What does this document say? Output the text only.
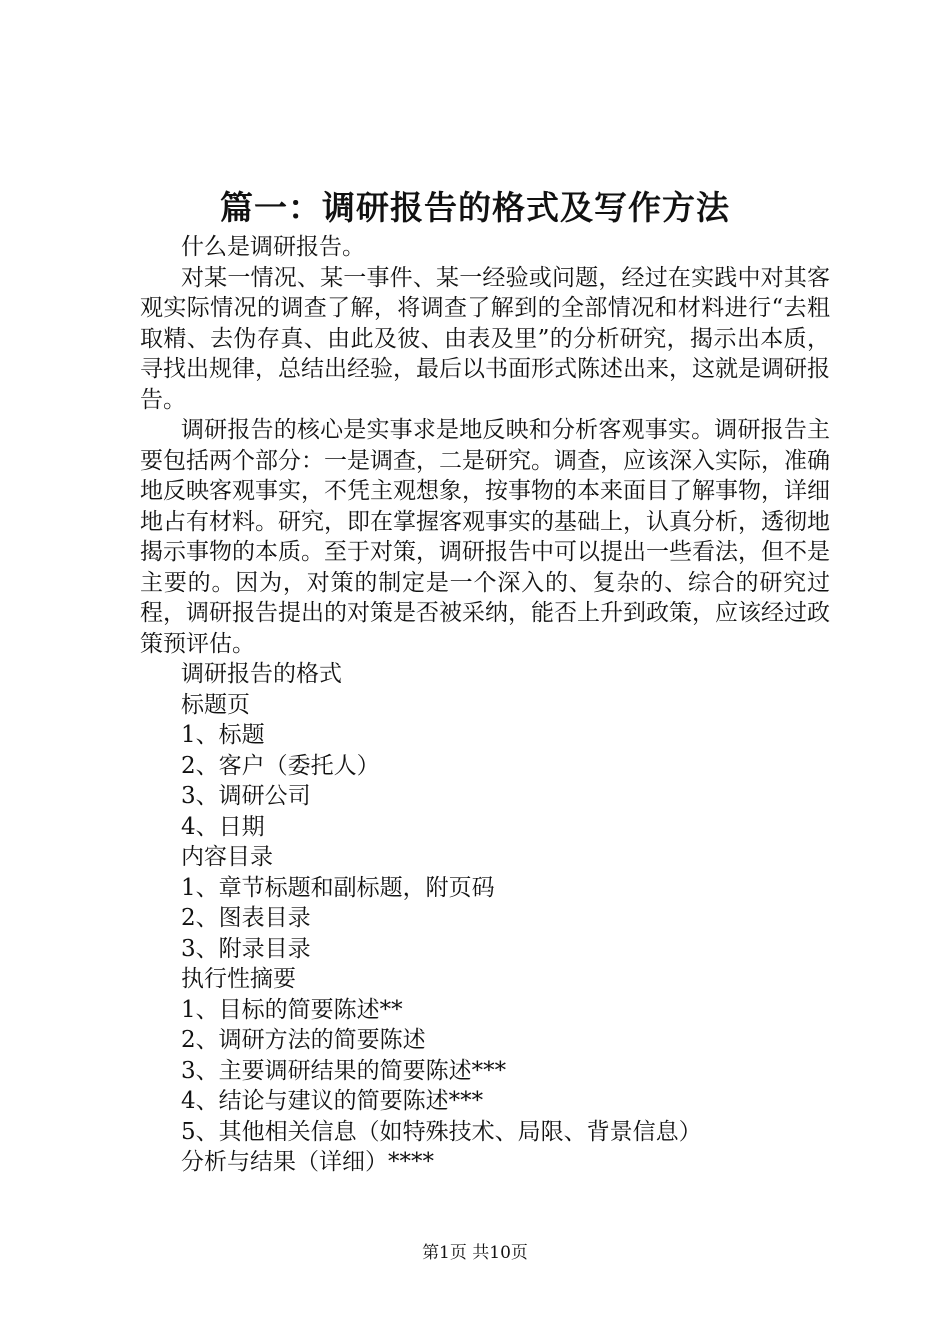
篇一：调研报告的格式及写作方法

什么是调研报告。

对某一情况、某一事件、某一经验或问题，经过在实践中对其客观实际情况的调查了解，将调查了解到的全部情况和材料进行“去粗取精、去伪存真、由此及彼、由表及里”的分析研究，揭示出本质，寻找出规律，总结出经验，最后以书面形式陈述出来，这就是调研报告。

调研报告的核心是实事求是地反映和分析客观事实。调研报告主要包括两个部分：一是调查，二是研究。调查，应该深入实际，准确地反映客观事实，不凭主观想象，按事物的本来面目了解事物，详细地占有材料。研究，即在掌握客观事实的基础上，认真分析，透彻地揭示事物的本质。至于对策，调研报告中可以提出一些看法，但不是主要的。因为，对策的制定是一个深入的、复杂的、综合的研究过程，调研报告提出的对策是否被采纳，能否上升到政策，应该经过政策预评估。

调研报告的格式
标题页
1、标题
2、客户（委托人）
3、调研公司
4、日期
内容目录
1、章节标题和副标题，附页码
2、图表目录
3、附录目录
执行性摘要
1、目标的简要陈述**
2、调研方法的简要陈述
3、主要调研结果的简要陈述***
4、结论与建议的简要陈述***
5、其他相关信息（如特殊技术、局限、背景信息）
分析与结果（详细）****
第1页 共10页
